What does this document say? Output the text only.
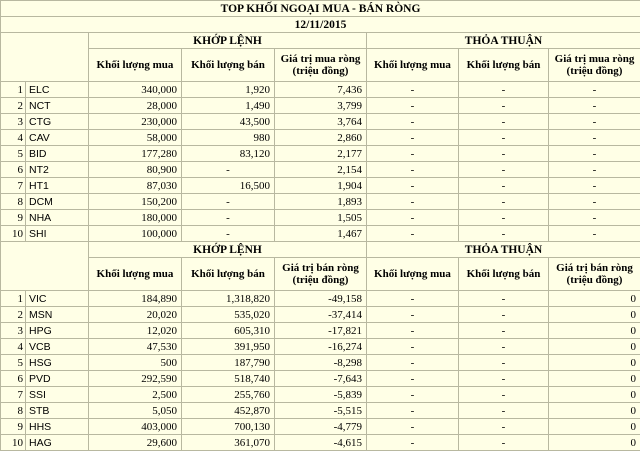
TOP KHỐI NGOẠI MUA - BÁN RÒNG							
12/11/2015							
		KHỚP LỆNH			THỎA THUẬN		
		Khối lượng mua	Khối lượng bán	Giá trị mua ròng (triệu đồng)	Khối lượng mua	Khối lượng bán	Giá trị mua ròng (triệu đồng)
1	ELC	340,000	1,920	7,436	-	-	-
2	NCT	28,000	1,490	3,799	-	-	-
3	CTG	230,000	43,500	3,764	-	-	-
4	CAV	58,000	980	2,860	-	-	-
5	BID	177,280	83,120	2,177	-	-	-
6	NT2	80,900	-	2,154	-	-	-
7	HT1	87,030	16,500	1,904	-	-	-
8	DCM	150,200	-	1,893	-	-	-
9	NHA	180,000	-	1,505	-	-	-
10	SHI	100,000	-	1,467	-	-	-
		KHỚP LỆNH			THỎA THUẬN		
		Khối lượng mua	Khối lượng bán	Giá trị bán ròng (triệu đồng)	Khối lượng mua	Khối lượng bán	Giá trị bán ròng (triệu đồng)
1	VIC	184,890	1,318,820	-49,158	-	-	0
2	MSN	20,020	535,020	-37,414	-	-	0
3	HPG	12,020	605,310	-17,821	-	-	0
4	VCB	47,530	391,950	-16,274	-	-	0
5	HSG	500	187,790	-8,298	-	-	0
6	PVD	292,590	518,740	-7,643	-	-	0
7	SSI	2,500	255,760	-5,839	-	-	0
8	STB	5,050	452,870	-5,515	-	-	0
9	HHS	403,000	700,130	-4,779	-	-	0
10	HAG	29,600	361,070	-4,615	-	-	0
